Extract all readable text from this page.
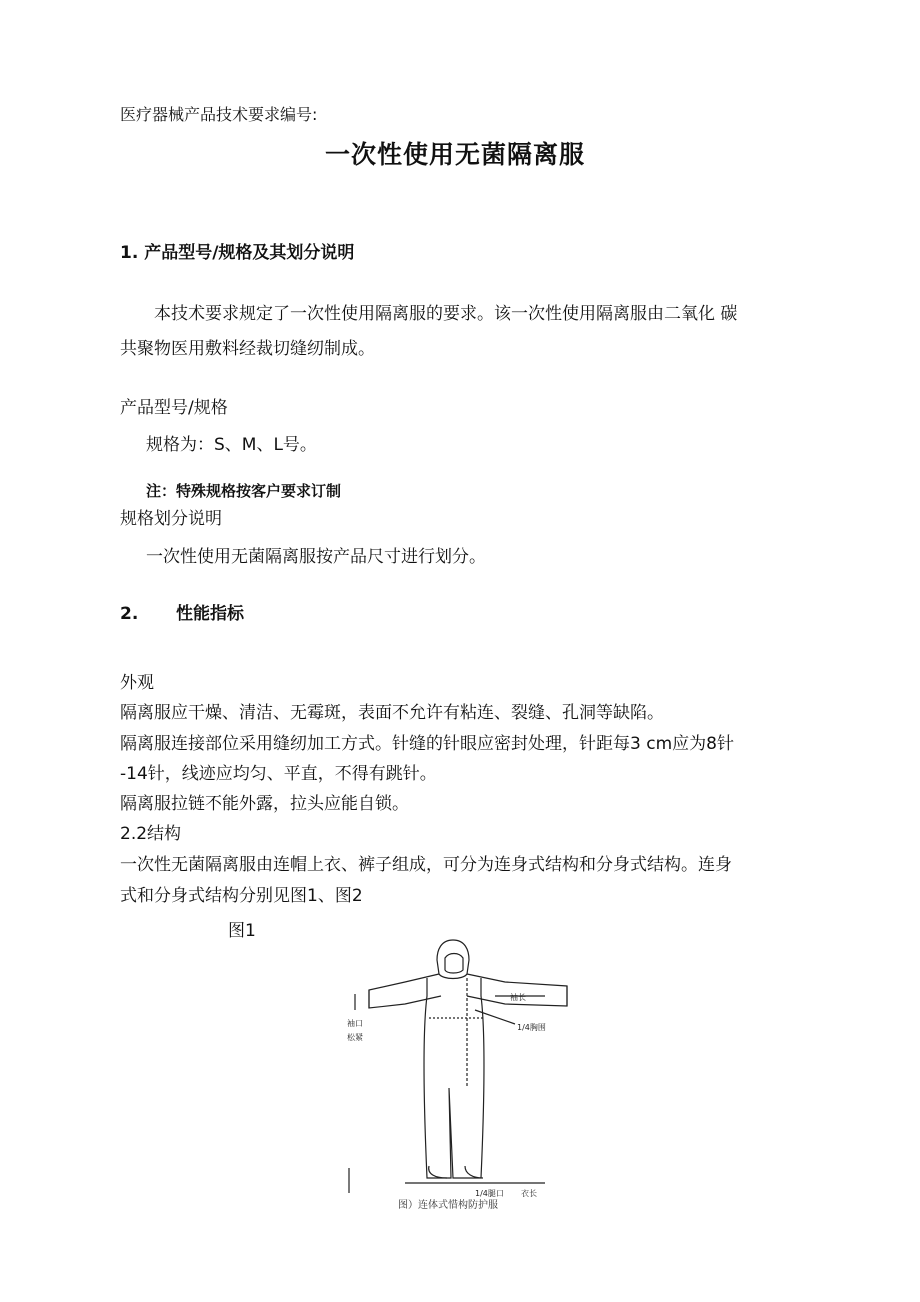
医疗器械产品技术要求编号:
一次性使用无菌隔离服
1. 产品型号/规格及其划分说明
本技术要求规定了一次性使用隔离服的要求。该一次性使用隔离服由二氧化 碳
共聚物医用敷料经裁切缝纫制成。
产品型号/规格
规格为：S、M、L号。
注：特殊规格按客户要求订制
规格划分说明
一次性使用无菌隔离服按产品尺寸进行划分。
2. 性能指标
外观
隔离服应干燥、清洁、无霉斑，表面不允许有粘连、裂缝、孔洞等缺陷。
隔离服连接部位采用缝纫加工方式。针缝的针眼应密封处理，针距每3 cm应为8针
-14针，线迹应均匀、平直，不得有跳针。
隔离服拉链不能外露，拉头应能自锁。
2.2结构
一次性无菌隔离服由连帽上衣、裤子组成，可分为连身式结构和分身式结构。连身
式和分身式结构分别见图1、图2
图1
袖口
松紧
袖长
1/4胸围
1/4腿口 衣长
图）连体式惜构防护服
